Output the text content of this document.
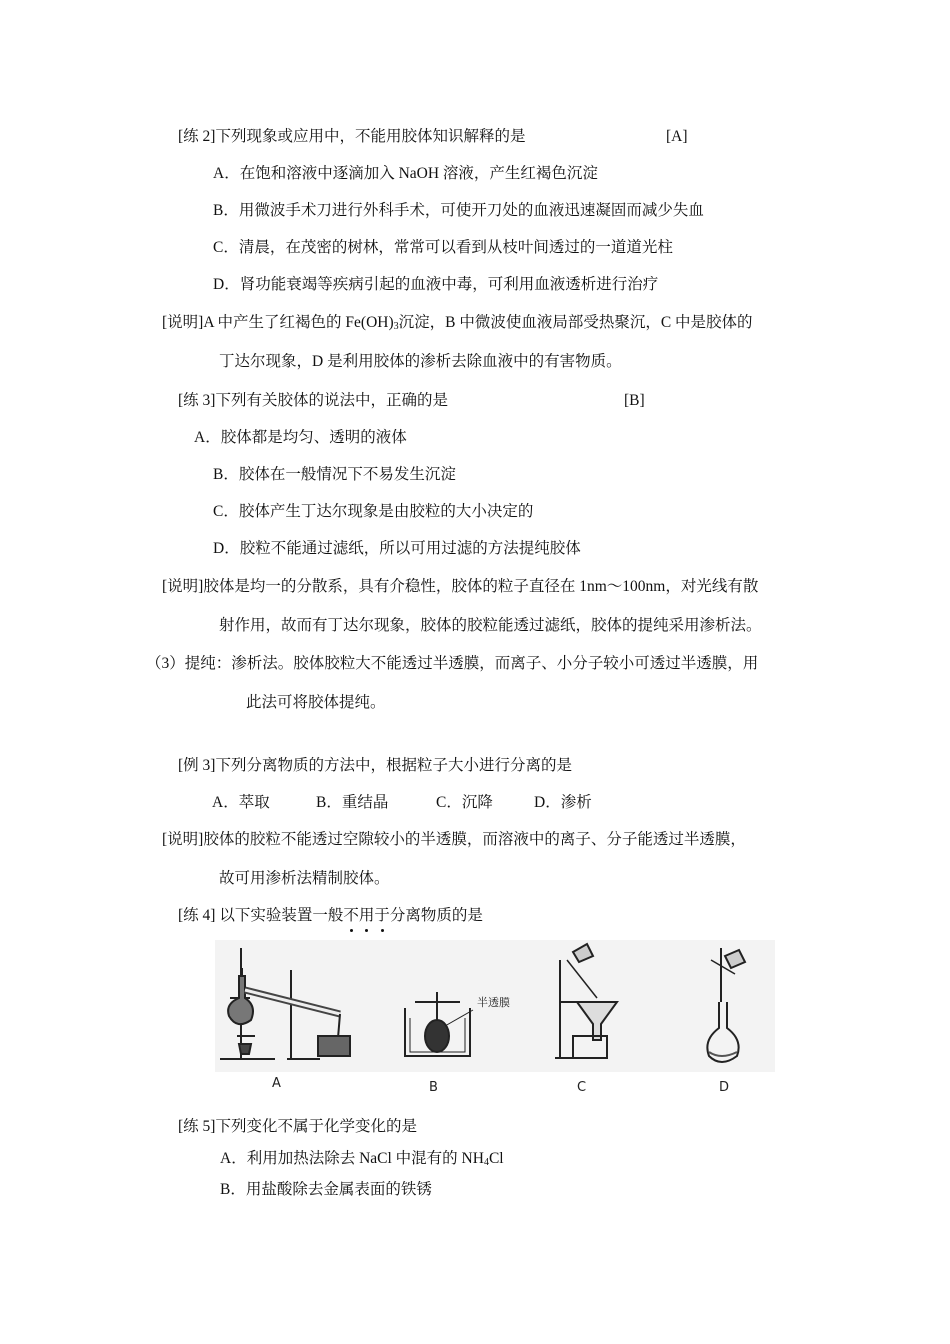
[练 2]下列现象或应用中，不能用胶体知识解释的是	[A]
A．在饱和溶液中逐滴加入 NaOH 溶液，产生红褐色沉淀
B．用微波手术刀进行外科手术，可使开刀处的血液迅速凝固而减少失血
C．清晨，在茂密的树林，常常可以看到从枝叶间透过的一道道光柱
D．肾功能衰竭等疾病引起的血液中毒，可利用血液透析进行治疗
[说明]A 中产生了红褐色的 $Fe(OH)_3$沉淀，B 中微波使血液局部受热聚沉，C 中是胶体的
丁达尔现象，D 是利用胶体的渗析去除血液中的有害物质。
[练 3]下列有关胶体的说法中，正确的是	[B]
A．胶体都是均匀、透明的液体
B．胶体在一般情况下不易发生沉淀
C．胶体产生丁达尔现象是由胶粒的大小决定的
D．胶粒不能通过滤纸，所以可用过滤的方法提纯胶体
[说明]胶体是均一的分散系，具有介稳性，胶体的粒子直径在 1nm～100nm，对光线有散
射作用，故而有丁达尔现象，胶体的胶粒能透过滤纸，胶体的提纯采用渗析法。
（3）提纯：渗析法。胶体胶粒大不能透过半透膜，而离子、小分子较小可透过半透膜，用
此法可将胶体提纯。
[例 3]下列分离物质的方法中，根据粒子大小进行分离的是
A．萃取	B．重结晶	C．沉降	D．渗析
[说明]胶体的胶粒不能透过空隙较小的半透膜，而溶液中的离子、分子能透过半透膜，
故可用渗析法精制胶体。
[练 4] 以下实验装置一般不用于分离物质的是
半透膜
A	B	C	D
[练 5]下列变化不属于化学变化的是
A．利用加热法除去 NaCl 中混有的 $NH_4Cl$
B．用盐酸除去金属表面的铁锈
